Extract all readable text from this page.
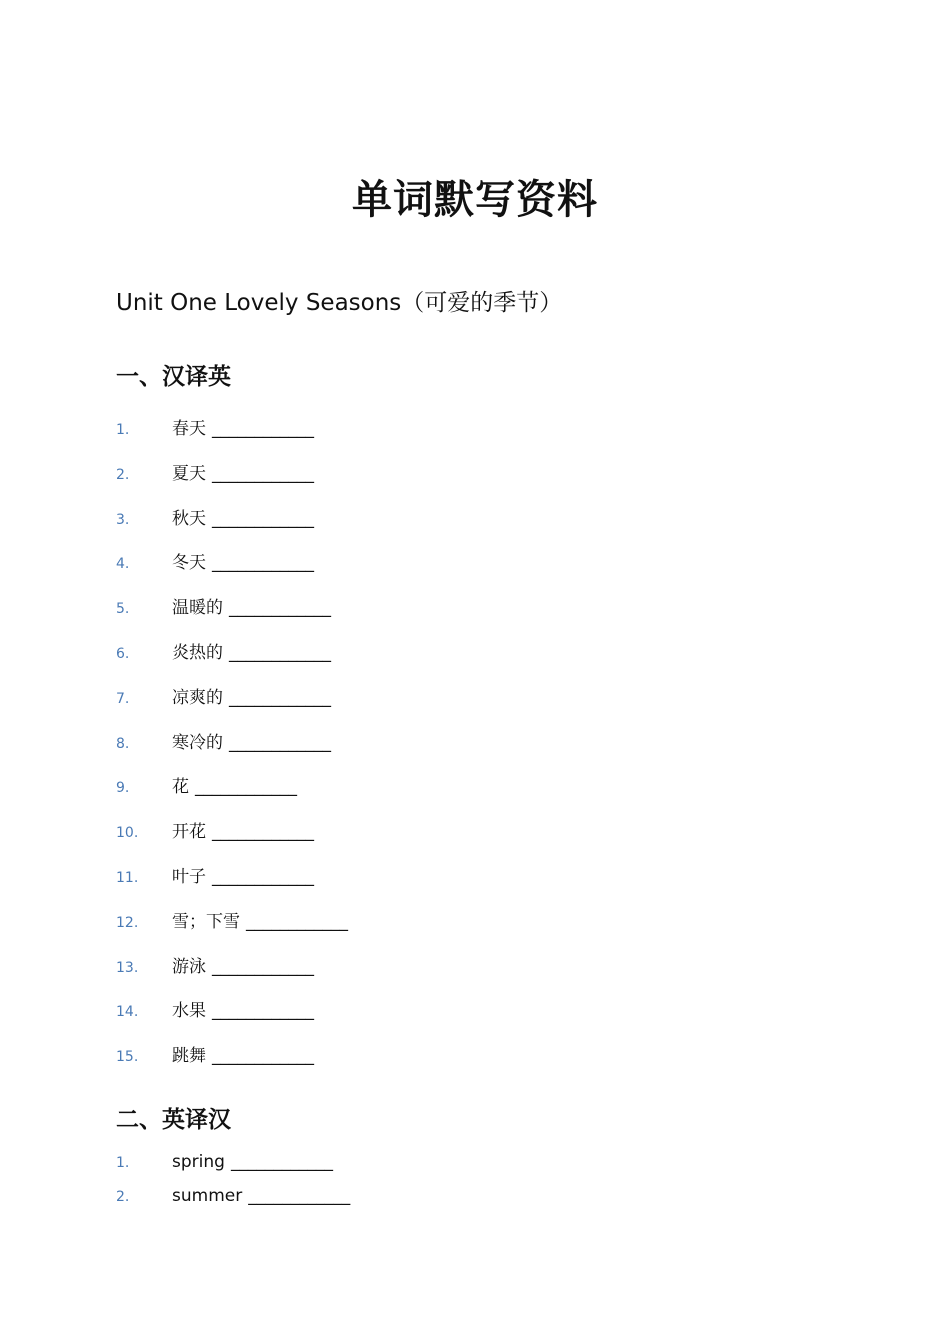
单词默写资料
Unit One Lovely Seasons（可爱的季节）
一、汉译英
1.	春天 ____________
2.	夏天 ____________
3.	秋天 ____________
4.	冬天 ____________
5.	温暖的 ____________
6.	炎热的 ____________
7.	凉爽的 ____________
8.	寒冷的 ____________
9.	花 ____________
10.	开花 ____________
11.	叶子 ____________
12.	雪；下雪 ____________
13.	游泳 ____________
14.	水果 ____________
15.	跳舞 ____________
二、英译汉
1.	spring ____________
2.	summer ____________
